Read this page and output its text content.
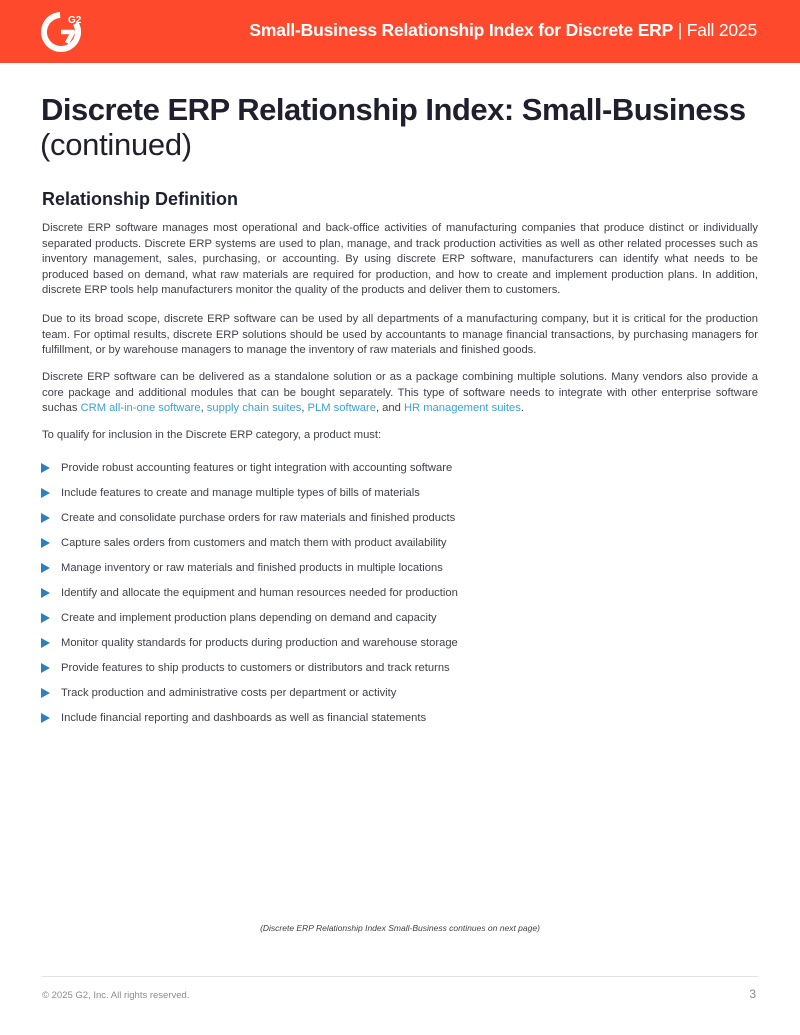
G2	Small-Business Relationship Index for Discrete ERP | Fall 2025
Discrete ERP Relationship Index: Small-Business
(continued)
Relationship Definition

Discrete ERP software manages most operational and back-office activities of manufacturing companies that produce distinct or individually separated products. Discrete ERP systems are used to plan, manage, and track production activities as well as other related processes such as inventory management, sales, purchasing, or accounting. By using discrete ERP software, manufacturers can identify what needs to be produced based on demand, what raw materials are required for production, and how to create and implement production plans. In addition, discrete ERP tools help manufacturers monitor the quality of the products and deliver them to customers.

Due to its broad scope, discrete ERP software can be used by all departments of a manufacturing company, but it is critical for the production team. For optimal results, discrete ERP solutions should be used by accountants to manage financial transactions, by purchasing managers for fulfillment, or by warehouse managers to manage the inventory of raw materials and finished goods.

Discrete ERP software can be delivered as a standalone solution or as a package combining multiple solutions. Many vendors also provide a core package and additional modules that can be bought separately. This type of software needs to integrate with other enterprise software suchas CRM all-in-one software, supply chain suites, PLM software, and HR management suites.

To qualify for inclusion in the Discrete ERP category, a product must:

Provide robust accounting features or tight integration with accounting software
Include features to create and manage multiple types of bills of materials
Create and consolidate purchase orders for raw materials and finished products
Capture sales orders from customers and match them with product availability
Manage inventory or raw materials and finished products in multiple locations
Identify and allocate the equipment and human resources needed for production
Create and implement production plans depending on demand and capacity
Monitor quality standards for products during production and warehouse storage
Provide features to ship products to customers or distributors and track returns
Track production and administrative costs per department or activity
Include financial reporting and dashboards as well as financial statements
(Discrete ERP Relationship Index Small-Business continues on next page)
© 2025 G2, Inc. All rights reserved.	3
